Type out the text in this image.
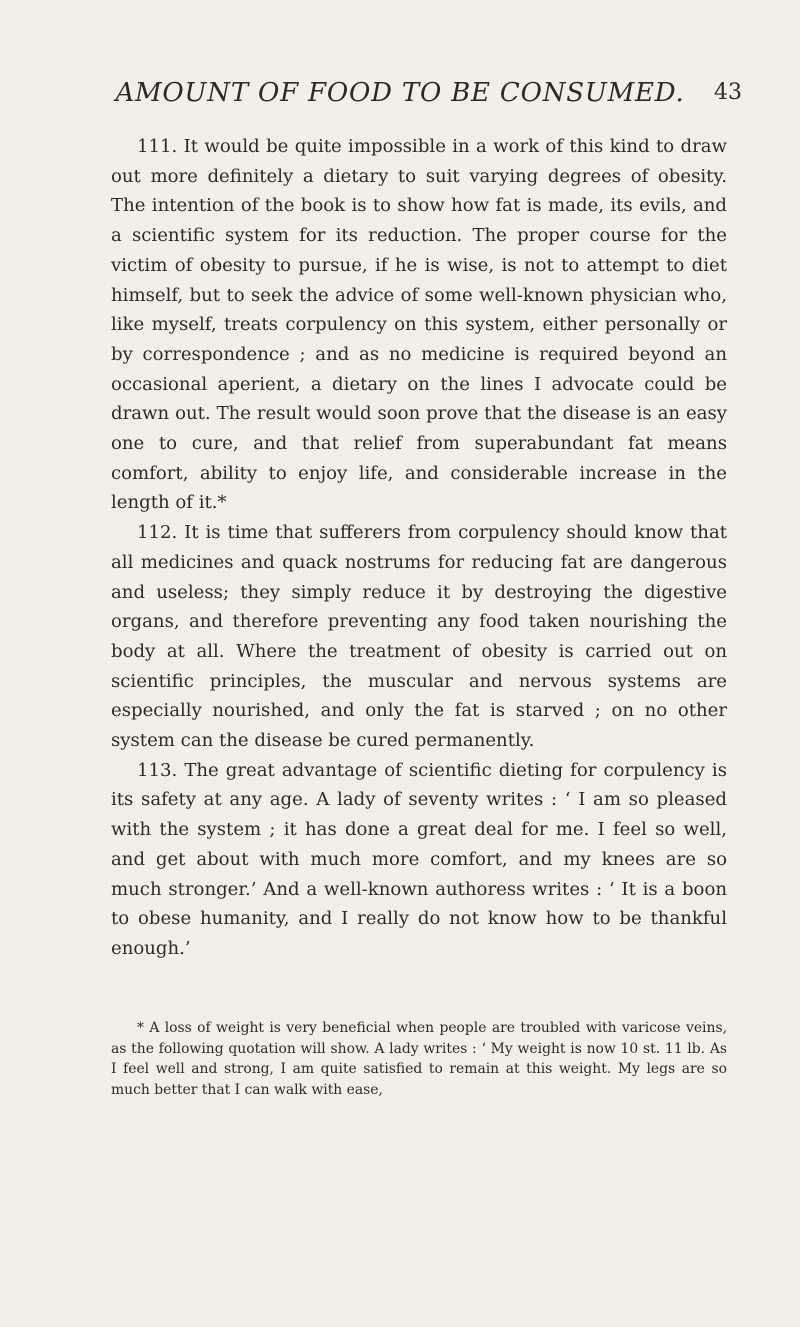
AMOUNT OF FOOD TO BE CONSUMED.	43

111. It would be quite impossible in a work of this kind to draw out more definitely a dietary to suit varying degrees of obesity. The intention of the book is to show how fat is made, its evils, and a scientific system for its reduction. The proper course for the victim of obesity to pursue, if he is wise, is not to attempt to diet himself, but to seek the advice of some well-known physician who, like myself, treats corpulency on this system, either personally or by correspondence ; and as no medicine is required beyond an occasional aperient, a dietary on the lines I advocate could be drawn out. The result would soon prove that the disease is an easy one to cure, and that relief from superabundant fat means comfort, ability to enjoy life, and considerable increase in the length of it.*

112. It is time that sufferers from corpulency should know that all medicines and quack nostrums for reducing fat are dangerous and useless; they simply reduce it by destroying the digestive organs, and therefore preventing any food taken nourishing the body at all. Where the treatment of obesity is carried out on scientific principles, the muscular and nervous systems are especially nourished, and only the fat is starved ; on no other system can the disease be cured permanently.

113. The great advantage of scientific dieting for corpulency is its safety at any age. A lady of seventy writes : ‘ I am so pleased with the system ; it has done a great deal for me. I feel so well, and get about with much more comfort, and my knees are so much stronger.’ And a well-known authoress writes : ‘ It is a boon to obese humanity, and I really do not know how to be thankful enough.’

* A loss of weight is very beneficial when people are troubled with varicose veins, as the following quotation will show. A lady writes : ‘ My weight is now 10 st. 11 lb. As I feel well and strong, I am quite satisfied to remain at this weight. My legs are so much better that I can walk with ease,
